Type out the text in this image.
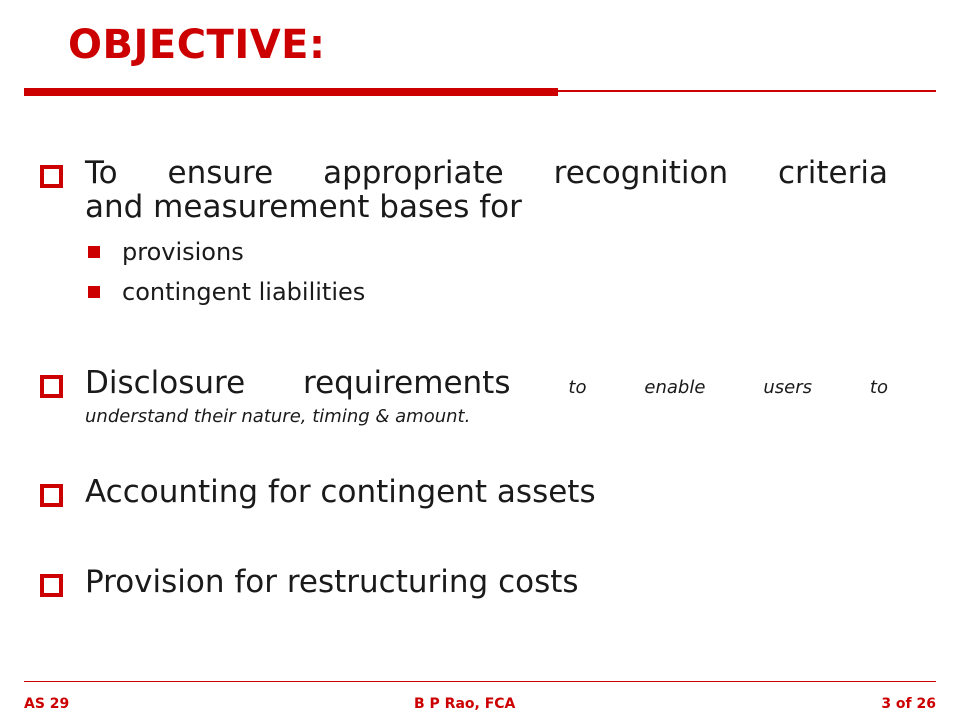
OBJECTIVE:
To ensure appropriate recognition criteria
and measurement bases for
provisions
contingent liabilities
Disclosure requirements	to	enable	users	to
understand their nature, timing & amount.
Accounting for contingent assets
Provision for restructuring costs
AS 29	B P Rao, FCA	3 of 26
